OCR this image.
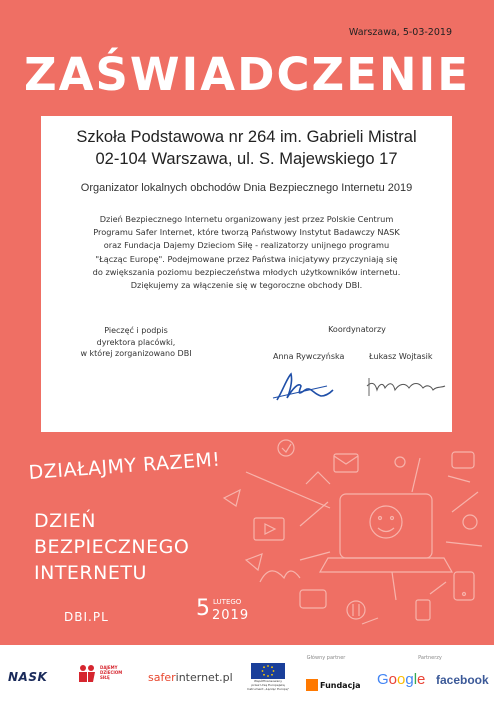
Warszawa, 5-03-2019
ZAŚWIADCZENIE
Szkoła Podstawowa nr 264 im. Gabrieli Mistral
02-104 Warszawa, ul. S. Majewskiego 17
Organizator lokalnych obchodów Dnia Bezpiecznego Internetu 2019
Dzień Bezpiecznego Internetu organizowany jest przez Polskie Centrum
Programu Safer Internet, które tworzą Państwowy Instytut Badawczy NASK
oraz Fundacja Dajemy Dzieciom Siłę - realizatorzy unijnego programu
"Łącząc Europę". Podejmowane przez Państwa inicjatywy przyczyniają się
do zwiększania poziomu bezpieczeństwa młodych użytkowników internetu.
Dziękujemy za włączenie się w tegoroczne obchody DBI.
Pieczęć i podpis
dyrektora placówki,
w której zorganizowano DBI
Koordynatorzy
Anna Rywczyńska	Łukasz Wojtasik
DZIAŁAJMY RAZEM!
DZIEŃ
BEZPIECZNEGO
INTERNETU
DBI.PL	5 LUTEGO
2019
NASK
DAJEMY
DZIECIOM
SIŁĘ	saferinternet.pl	Współfinansowany
przez Unię Europejską
Instrument „Łącząc Europę"
Główny partner
Fundacja
Partnerzy
Google facebook
